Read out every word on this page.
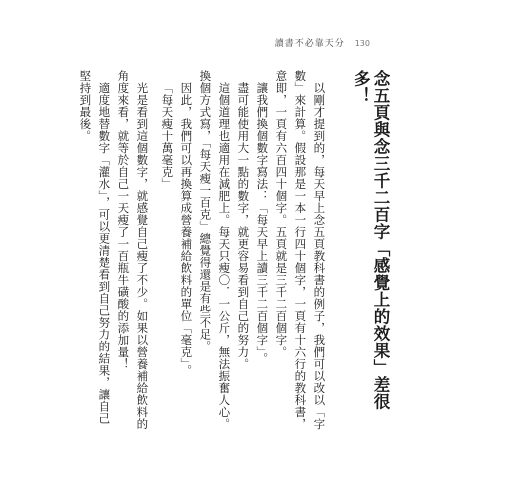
讀書不必靠天分 130
念五頁與念三千二百字「感覺上的效果」差很多！

以剛才提到的，每天早上念五頁教科書的例子，我們可以改以「字數」來計算。假設那是一本一行四十個字，一頁有十六行的教科書，意即，一頁有六百四十個字。五頁就是三千二百個字。

讓我們換個數字寫法：「每天早上讀三千二百個字」。

盡可能使用大一點的數字，就更容易看到自己的努力。

這個道理也適用在減肥上。每天只瘦〇．一公斤，無法振奮人心。換個方式寫，「每天瘦一百克」總覺得還是有些不足。

因此，我們可以再換算成營養補給飲料的單位「毫克」。

「每天瘦十萬毫克」

光是看到這個數字，就感覺自己瘦了不少。如果以營養補給飲料的角度來看，就等於自己一天瘦了一百瓶牛磺酸的添加量！

適度地替數字「灌水」，可以更清楚看到自己努力的結果，讓自己堅持到最後。
